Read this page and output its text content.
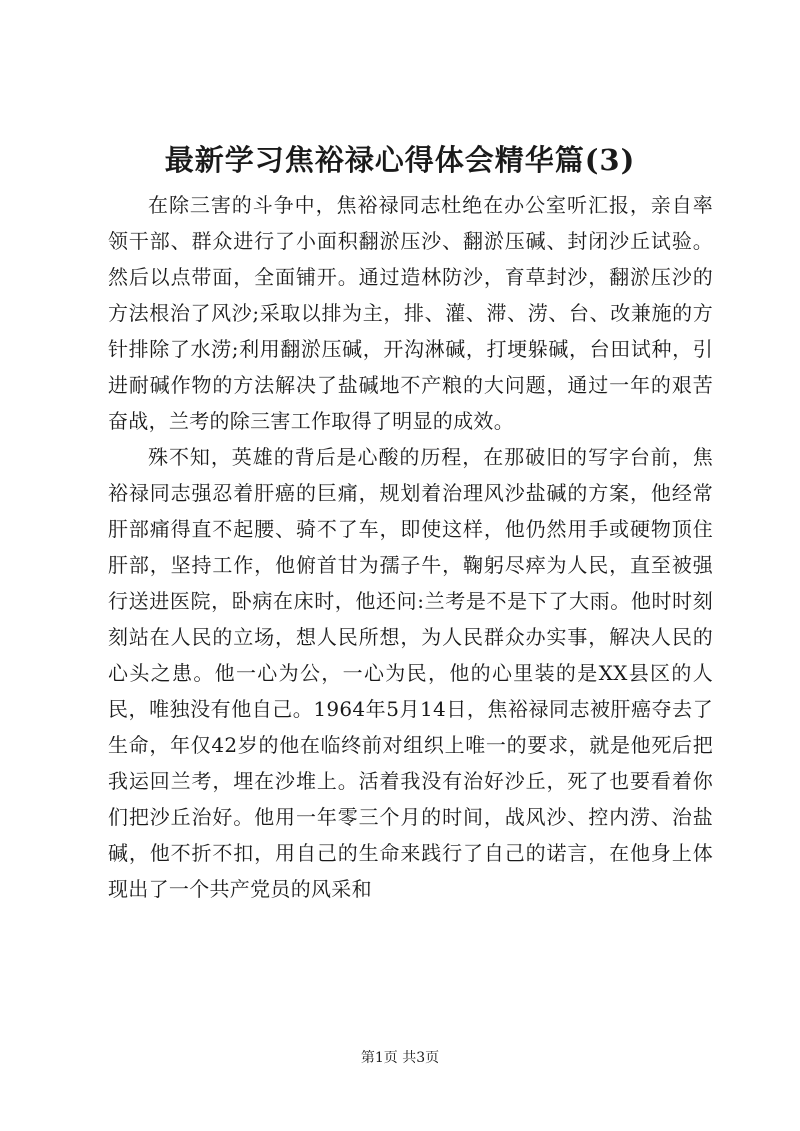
最新学习焦裕禄心得体会精华篇(3)

在除三害的斗争中，焦裕禄同志杜绝在办公室听汇报，亲自率领干部、群众进行了小面积翻淤压沙、翻淤压碱、封闭沙丘试验。然后以点带面，全面铺开。通过造林防沙，育草封沙，翻淤压沙的方法根治了风沙;采取以排为主，排、灌、滞、涝、台、改兼施的方针排除了水涝;利用翻淤压碱，开沟淋碱，打埂躲碱，台田试种，引进耐碱作物的方法解决了盐碱地不产粮的大问题，通过一年的艰苦奋战，兰考的除三害工作取得了明显的成效。

殊不知，英雄的背后是心酸的历程，在那破旧的写字台前，焦裕禄同志强忍着肝癌的巨痛，规划着治理风沙盐碱的方案，他经常肝部痛得直不起腰、骑不了车，即使这样，他仍然用手或硬物顶住肝部，坚持工作，他俯首甘为孺子牛，鞠躬尽瘁为人民，直至被强行送进医院，卧病在床时，他还问:兰考是不是下了大雨。他时时刻刻站在人民的立场，想人民所想，为人民群众办实事，解决人民的心头之患。他一心为公，一心为民，他的心里装的是XX县区的人民，唯独没有他自己。1964年5月14日，焦裕禄同志被肝癌夺去了生命，年仅42岁的他在临终前对组织上唯一的要求，就是他死后把我运回兰考，埋在沙堆上。活着我没有治好沙丘，死了也要看着你们把沙丘治好。他用一年零三个月的时间，战风沙、控内涝、治盐碱，他不折不扣，用自己的生命来践行了自己的诺言，在他身上体现出了一个共产党员的风采和

第1页 共3页
